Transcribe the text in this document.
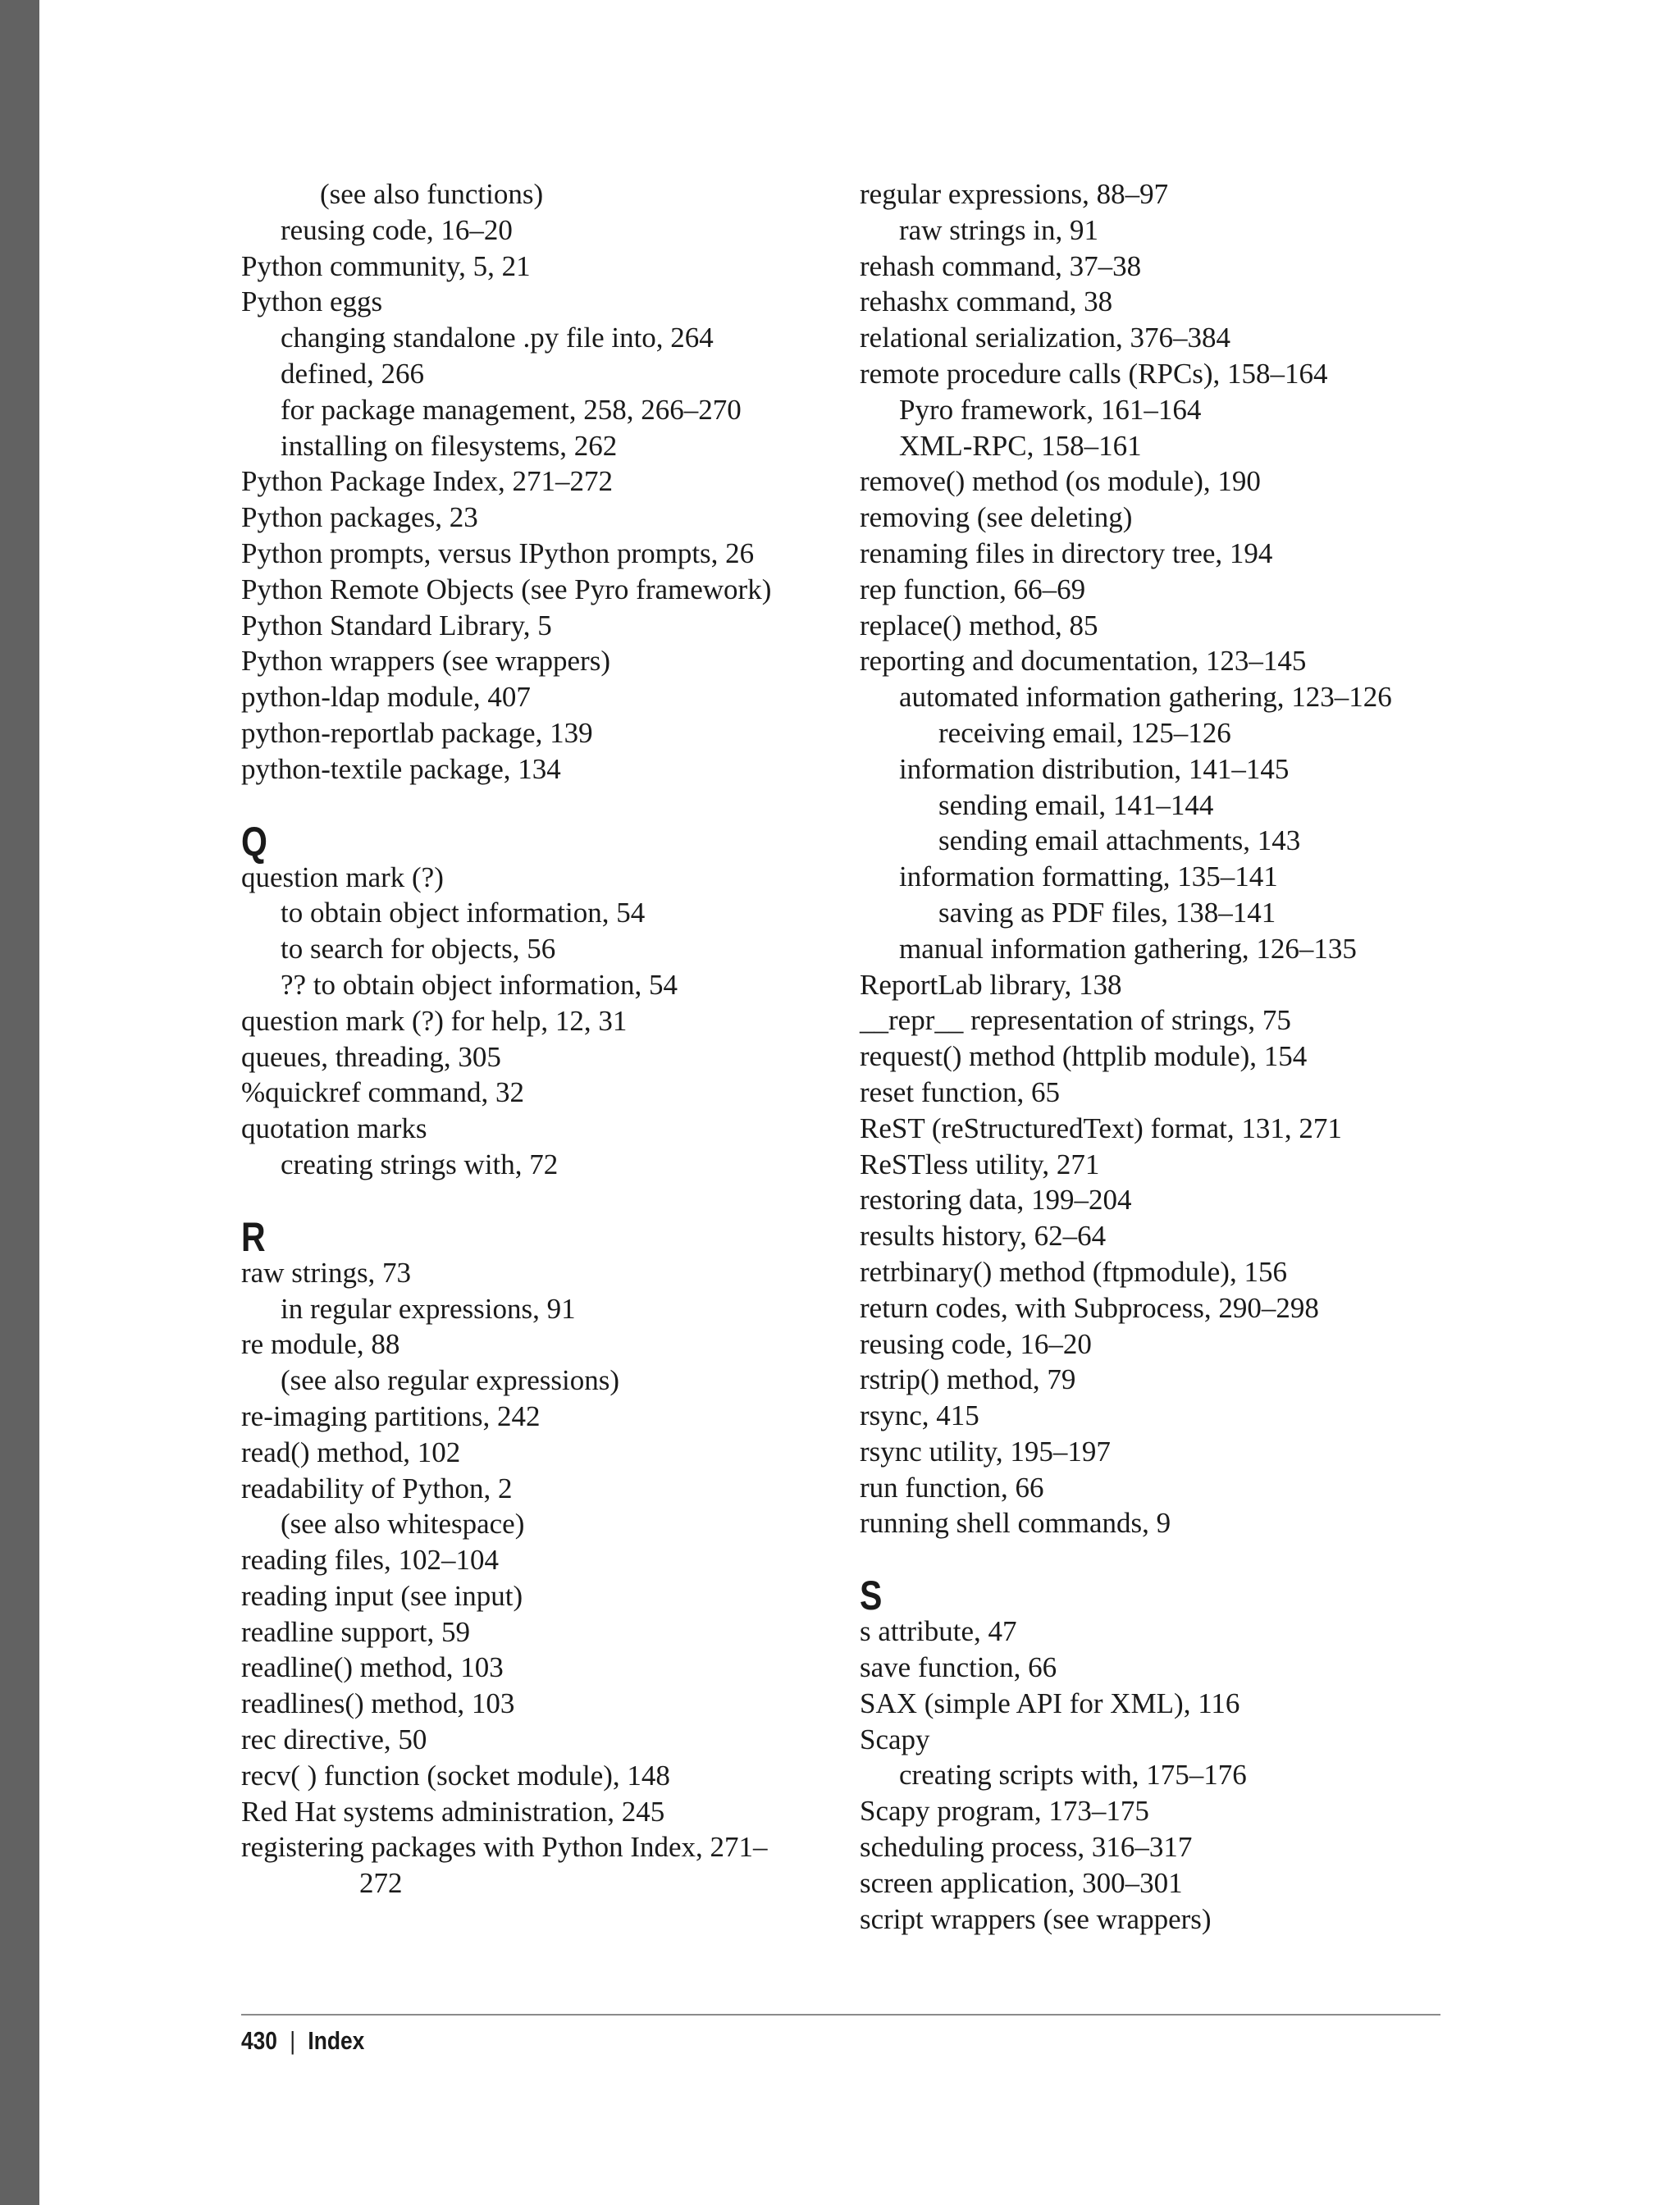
(see also functions)
reusing code, 16–20
Python community, 5, 21
Python eggs
changing standalone .py file into, 264
defined, 266
for package management, 258, 266–270
installing on filesystems, 262
Python Package Index, 271–272
Python packages, 23
Python prompts, versus IPython prompts, 26
Python Remote Objects (see Pyro framework)
Python Standard Library, 5
Python wrappers (see wrappers)
python-ldap module, 407
python-reportlab package, 139
python-textile package, 134
Q
question mark (?)
to obtain object information, 54
to search for objects, 56
?? to obtain object information, 54
question mark (?) for help, 12, 31
queues, threading, 305
%quickref command, 32
quotation marks
creating strings with, 72
R
raw strings, 73
in regular expressions, 91
re module, 88
(see also regular expressions)
re-imaging partitions, 242
read() method, 102
readability of Python, 2
(see also whitespace)
reading files, 102–104
reading input (see input)
readline support, 59
readline() method, 103
readlines() method, 103
rec directive, 50
recv( ) function (socket module), 148
Red Hat systems administration, 245
registering packages with Python Index, 271–
272
regular expressions, 88–97
raw strings in, 91
rehash command, 37–38
rehashx command, 38
relational serialization, 376–384
remote procedure calls (RPCs), 158–164
Pyro framework, 161–164
XML-RPC, 158–161
remove() method (os module), 190
removing (see deleting)
renaming files in directory tree, 194
rep function, 66–69
replace() method, 85
reporting and documentation, 123–145
automated information gathering, 123–126
receiving email, 125–126
information distribution, 141–145
sending email, 141–144
sending email attachments, 143
information formatting, 135–141
saving as PDF files, 138–141
manual information gathering, 126–135
ReportLab library, 138
__repr__ representation of strings, 75
request() method (httplib module), 154
reset function, 65
ReST (reStructuredText) format, 131, 271
ReSTless utility, 271
restoring data, 199–204
results history, 62–64
retrbinary() method (ftpmodule), 156
return codes, with Subprocess, 290–298
reusing code, 16–20
rstrip() method, 79
rsync, 415
rsync utility, 195–197
run function, 66
running shell commands, 9
S
s attribute, 47
save function, 66
SAX (simple API for XML), 116
Scapy
creating scripts with, 175–176
Scapy program, 173–175
scheduling process, 316–317
screen application, 300–301
script wrappers (see wrappers)
430 | Index
